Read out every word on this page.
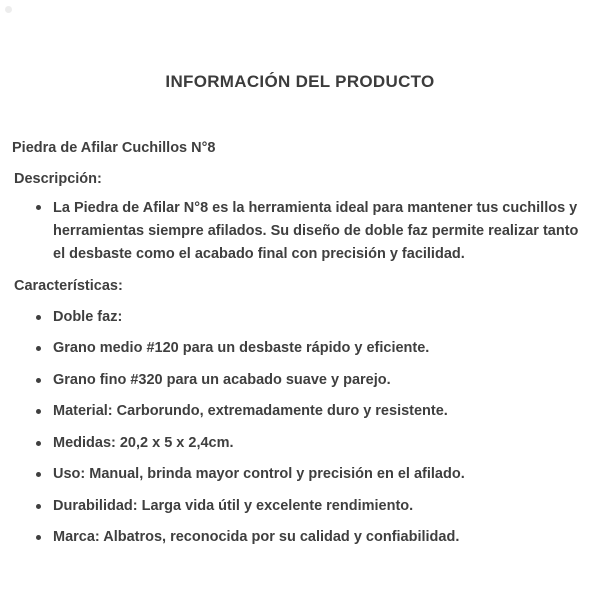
INFORMACIÓN DEL PRODUCTO
Piedra de Afilar Cuchillos N°8
Descripción:
La Piedra de Afilar N°8 es la herramienta ideal para mantener tus cuchillos y herramientas siempre afilados. Su diseño de doble faz permite realizar tanto el desbaste como el acabado final con precisión y facilidad.
Características:
Doble faz:
Grano medio #120 para un desbaste rápido y eficiente.
Grano fino #320 para un acabado suave y parejo.
Material: Carborundo, extremadamente duro y resistente.
Medidas: 20,2 x 5 x 2,4cm.
Uso: Manual, brinda mayor control y precisión en el afilado.
Durabilidad: Larga vida útil y excelente rendimiento.
Marca: Albatros, reconocida por su calidad y confiabilidad.
